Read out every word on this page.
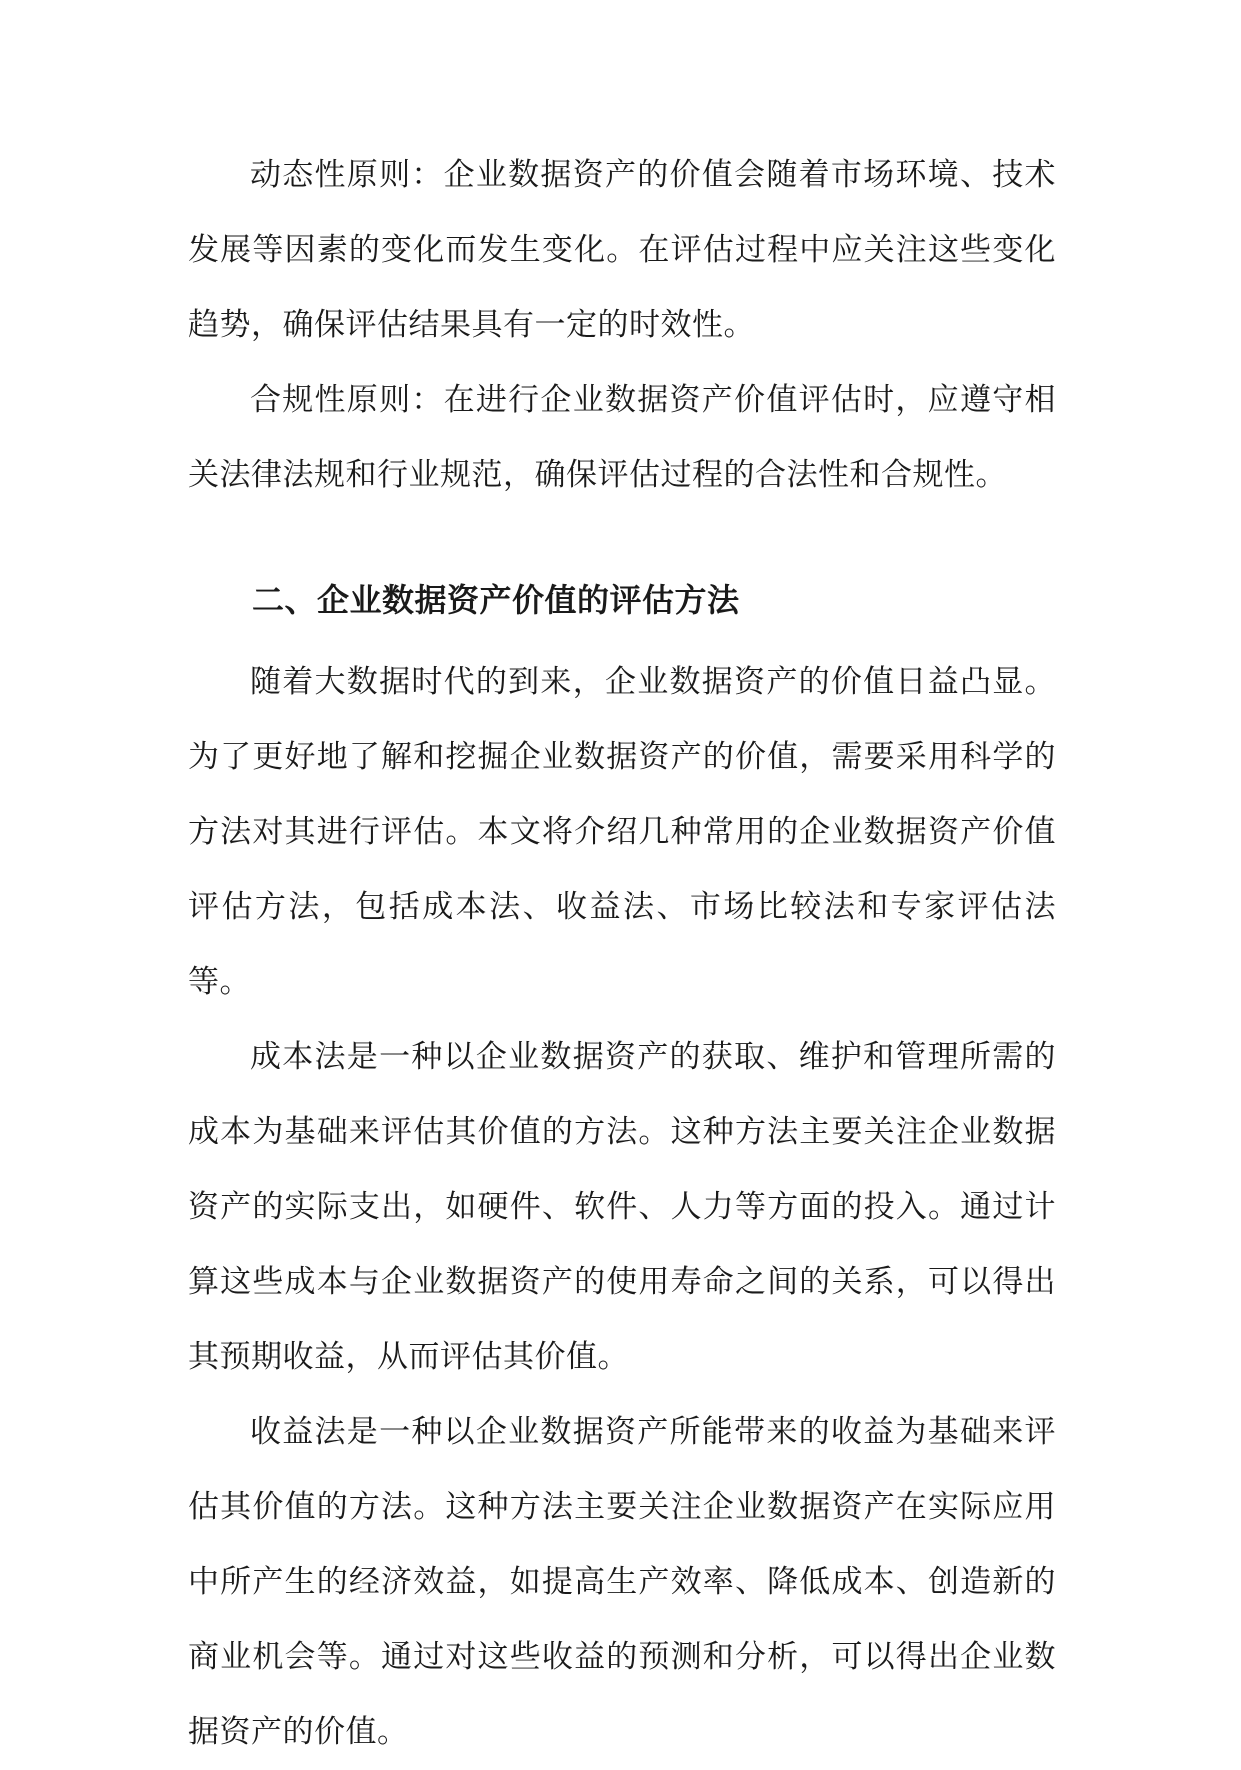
动态性原则：企业数据资产的价值会随着市场环境、技术发展等因素的变化而发生变化。在评估过程中应关注这些变化趋势，确保评估结果具有一定的时效性。

合规性原则：在进行企业数据资产价值评估时，应遵守相关法律法规和行业规范，确保评估过程的合法性和合规性。

二、企业数据资产价值的评估方法

随着大数据时代的到来，企业数据资产的价值日益凸显。为了更好地了解和挖掘企业数据资产的价值，需要采用科学的方法对其进行评估。本文将介绍几种常用的企业数据资产价值评估方法，包括成本法、收益法、市场比较法和专家评估法等。

成本法是一种以企业数据资产的获取、维护和管理所需的成本为基础来评估其价值的方法。这种方法主要关注企业数据资产的实际支出，如硬件、软件、人力等方面的投入。通过计算这些成本与企业数据资产的使用寿命之间的关系，可以得出其预期收益，从而评估其价值。

收益法是一种以企业数据资产所能带来的收益为基础来评估其价值的方法。这种方法主要关注企业数据资产在实际应用中所产生的经济效益，如提高生产效率、降低成本、创造新的商业机会等。通过对这些收益的预测和分析，可以得出企业数据资产的价值。
